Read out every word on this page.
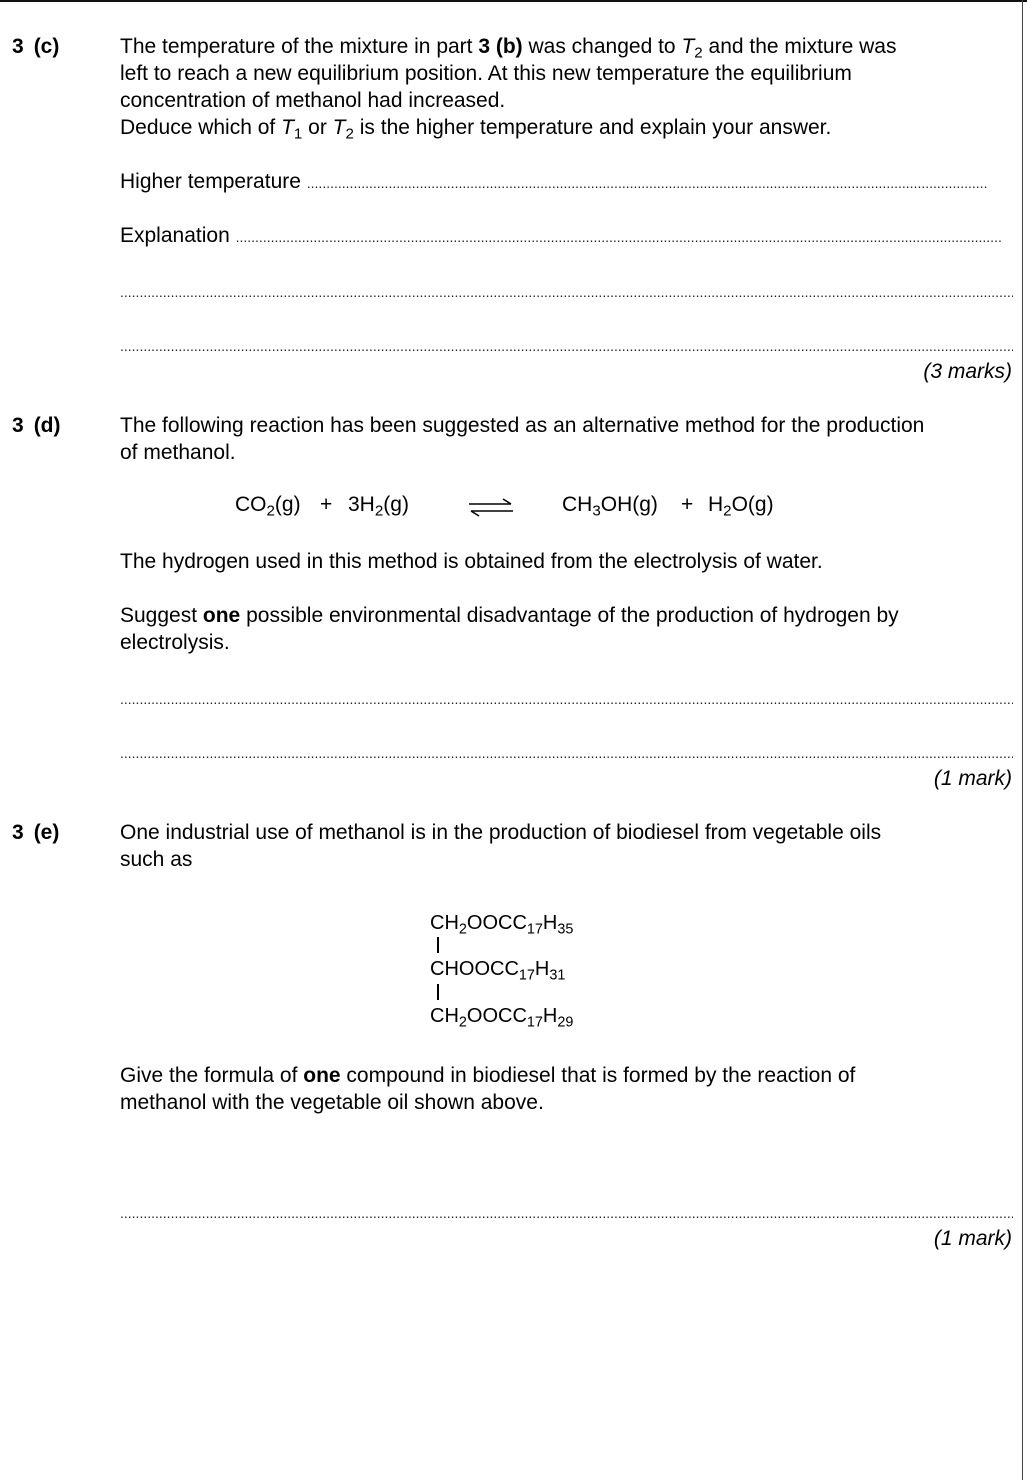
3 (c)	The temperature of the mixture in part 3 (b) was changed to $T_2$ and the mixture was
left to reach a new equilibrium position. At this new temperature the equilibrium
concentration of methanol had increased.
Deduce which of $T_1$ or $T_2$ is the higher temperature and explain your answer.
Higher temperature .....
Explanation .....
.....
.....
(3 marks)
3 (d)	The following reaction has been suggested as an alternative method for the production
of methanol.
$CO_2(g) + 3H_2(g)$	$CH_3OH(g) + H_2O(g)$
The hydrogen used in this method is obtained from the electrolysis of water.
Suggest one possible environmental disadvantage of the production of hydrogen by
electrolysis.
.....
.....
(1 mark)
3 (e)	One industrial use of methanol is in the production of biodiesel from vegetable oils
such as
$CH_2OOCC_{17}H_{35}$
$CHOOCC_{17}H_{31}$
$CH_2OOCC_{17}H_{29}$
Give the formula of one compound in biodiesel that is formed by the reaction of
methanol with the vegetable oil shown above.
.....
(1 mark)
